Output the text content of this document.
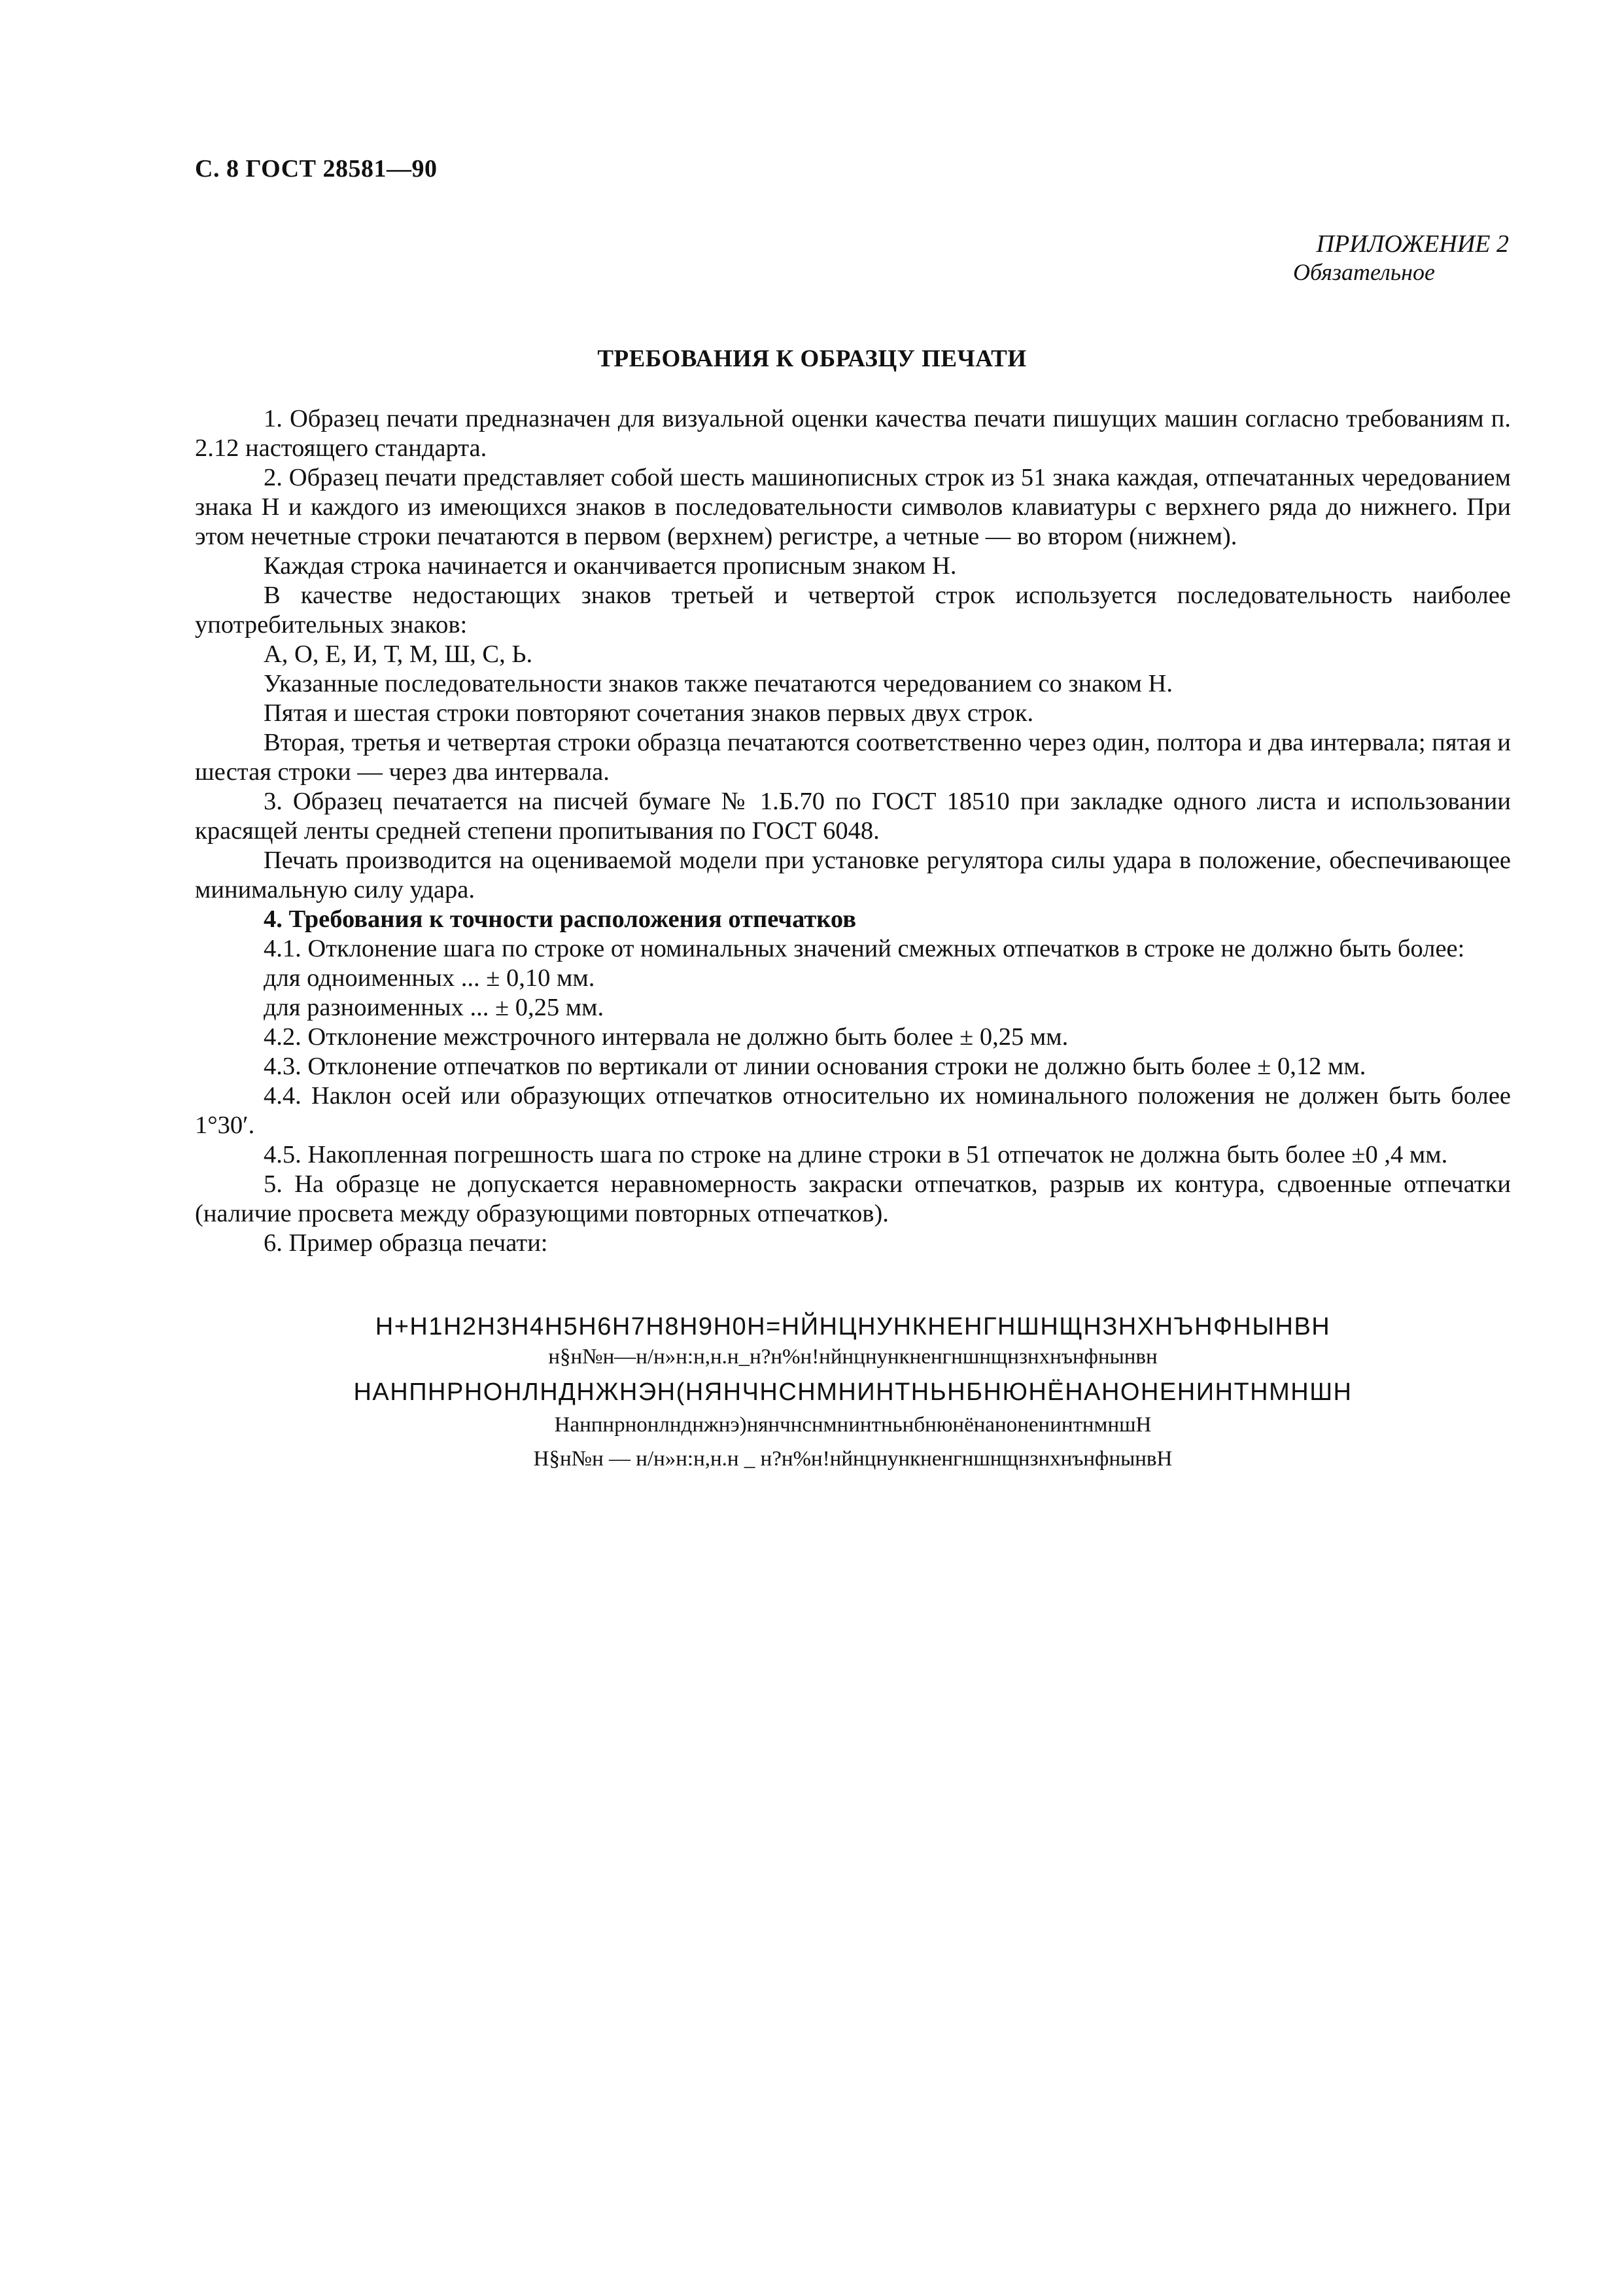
С. 8 ГОСТ 28581—90
ПРИЛОЖЕНИЕ 2
Обязательное
ТРЕБОВАНИЯ К ОБРАЗЦУ ПЕЧАТИ

1. Образец печати предназначен для визуальной оценки качества печати пишущих машин согласно требованиям п. 2.12 настоящего стандарта.

2. Образец печати представляет собой шесть машинописных строк из 51 знака каждая, отпечатанных чередованием знака Н и каждого из имеющихся знаков в последовательности символов клавиатуры с верхнего ряда до нижнего. При этом нечетные строки печатаются в первом (верхнем) регистре, а четные — во втором (нижнем).

Каждая строка начинается и оканчивается прописным знаком Н.

В качестве недостающих знаков третьей и четвертой строк используется последовательность наиболее употребительных знаков:

А, О, Е, И, Т, М, Ш, С, Ь.

Указанные последовательности знаков также печатаются чередованием со знаком Н.

Пятая и шестая строки повторяют сочетания знаков первых двух строк.

Вторая, третья и четвертая строки образца печатаются соответственно через один, полтора и два интервала; пятая и шестая строки — через два интервала.

3. Образец печатается на писчей бумаге № 1.Б.70 по ГОСТ 18510 при закладке одного листа и использовании красящей ленты средней степени пропитывания по ГОСТ 6048.

Печать производится на оцениваемой модели при установке регулятора силы удара в положение, обеспечивающее минимальную силу удара.

4. Требования к точности расположения отпечатков

4.1. Отклонение шага по строке от номинальных значений смежных отпечатков в строке не должно быть более:

для одноименных ... ± 0,10 мм.

для разноименных ... ± 0,25 мм.

4.2. Отклонение межстрочного интервала не должно быть более ± 0,25 мм.

4.3. Отклонение отпечатков по вертикали от линии основания строки не должно быть более ± 0,12 мм.

4.4. Наклон осей или образующих отпечатков относительно их номинального положения не должен быть более 1°30′.

4.5. Накопленная погрешность шага по строке на длине строки в 51 отпечаток не должна быть более ±0 ,4 мм.

5. На образце не допускается неравномерность закраски отпечатков, разрыв их контура, сдвоенные отпечатки (наличие просвета между образующими повторных отпечатков).

6. Пример образца печати:

Н+Н1Н2Н3Н4Н5Н6Н7Н8Н9Н0Н=НЙНЦНУНКНЕНГНШНЩНЗНХНЪНФНЫНВН
н§н№н—н/н»н:н,н.н_н?н%н!нйнцнункненгншнщнзнхнънфнынвн
НАНПНРНОНЛНДНЖНЭН(НЯНЧНСНМНИНТНЬНБНЮНЁНАНОНЕНИНТНМНШН
Нанпнрнонлнднжнэ)нянчнснмнинтньнбнюнёнаноненинтнмншН
Н§н№н — н/н»н:н,н.н _ н?н%н!нйнцнункненгншнщнзнхнънфнынвН
